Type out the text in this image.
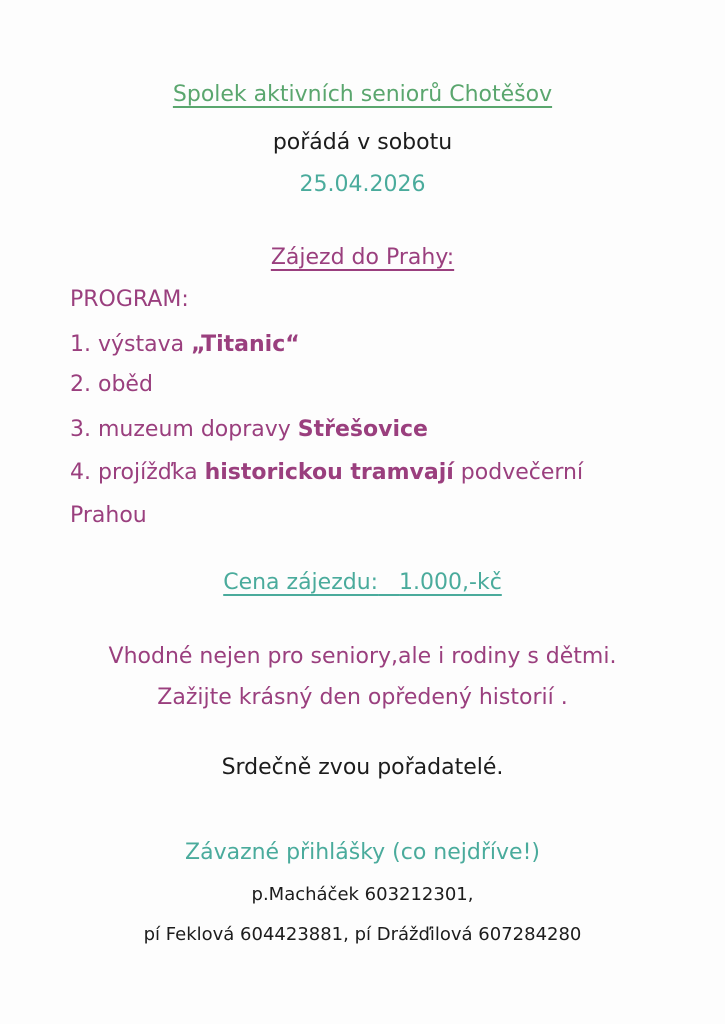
Spolek aktivních seniorů Chotěšov
pořádá v sobotu
25.04.2026
Zájezd do Prahy:
PROGRAM:
1. výstava „Titanic“
2. oběd
3. muzeum dopravy Střešovice
4. projížďka historickou tramvají podvečerní
Prahou
Cena zájezdu: 1.000,-kč
Vhodné nejen pro seniory,ale i rodiny s dětmi.
Zažijte krásný den opředený historií .
Srdečně zvou pořadatelé.
Závazné přihlášky (co nejdříve!)
p.Macháček 603212301,
pí Feklová 604423881, pí Drážďilová 607284280
